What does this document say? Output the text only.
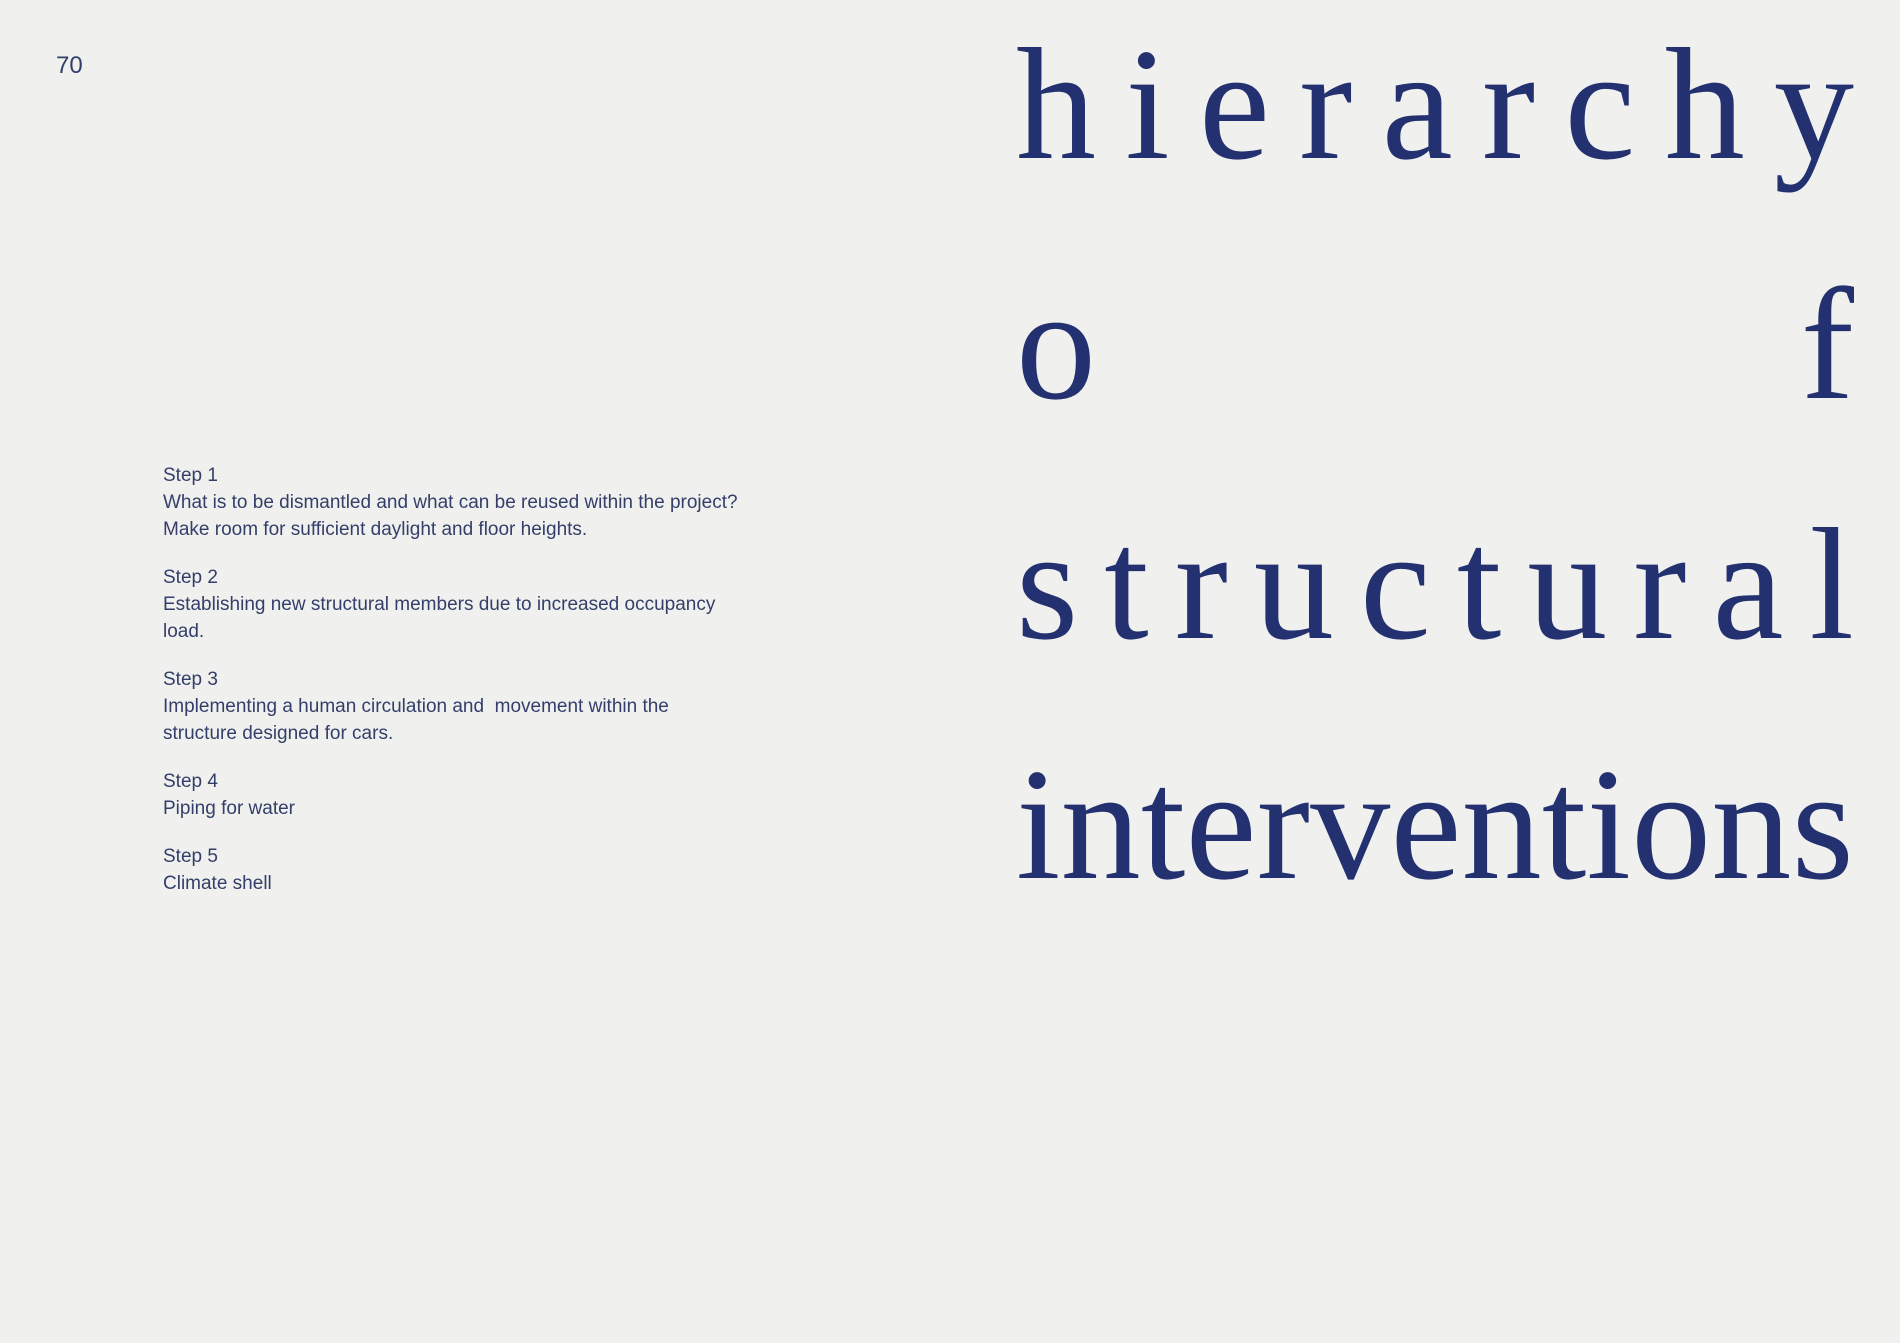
70
Step 1
What is to be dismantled and what can be reused within the project?
Make room for sufficient daylight and floor heights.
Step 2
Establishing new structural members due to increased occupancy
load.
Step 3
Implementing a human circulation and  movement within the
structure designed for cars.
Step 4
Piping for water
Step 5
Climate shell
h i e r a r c h y
o	f
s t r u c t u r a l
i n t e r v e n t i o n s
